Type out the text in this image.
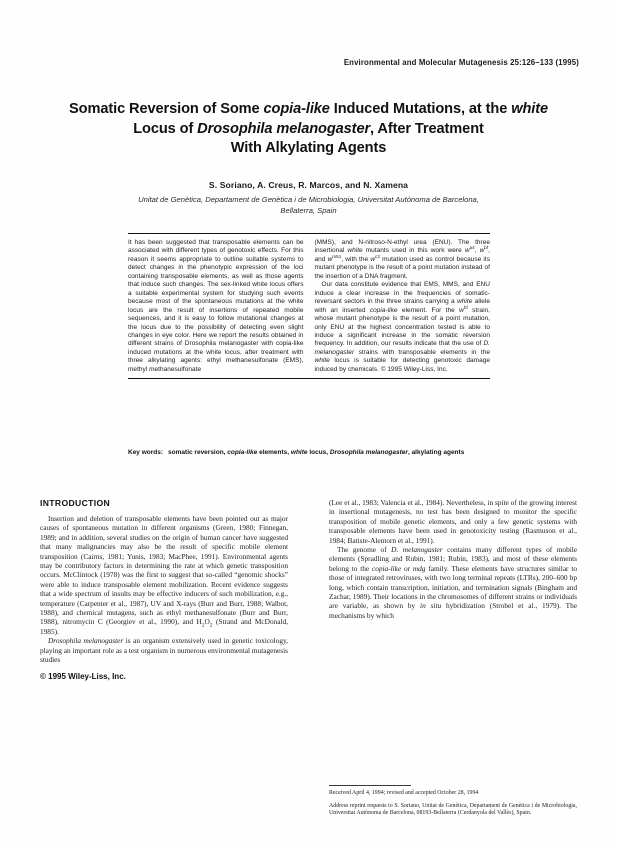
Environmental and Molecular Mutagenesis 25:126–133 (1995)
Somatic Reversion of Some copia-like Induced Mutations, at the white
Locus of Drosophila melanogaster, After Treatment
With Alkylating Agents
S. Soriano, A. Creus, R. Marcos, and N. Xamena
Unitat de Genètica, Departament de Genètica i de Microbiologia, Universitat Autònoma de Barcelona,
Bellaterra, Spain

It has been suggested that transposable elements can be associated with different types of genotoxic effects. For this reason it seems appropriate to outline suitable systems to detect changes in the phenotypic expression of the loci containing transposable elements, as well as those agents that induce such changes. The sex-linked white locus offers a suitable experimental system for studying such events because most of the spontaneous mutations at the white locus are the result of insertions of repeated mobile sequences, and it is easy to follow mutational changes at the locus due to the possibility of detecting even slight changes in eye color. Here we report the results obtained in different strains of Drosophila melanogaster with copia-like induced mutations at the white locus, after treatment with three alkylating agents: ethyl methanesulfonate (EMS), methyl methanesulfonate

(MMS), and N-nitroso-N-ethyl urea (ENU). The three insertional white mutants used in this work were $w^{a4}$, $w^{bf}$, and $w^{m51}$, with the $w^{c2}$ mutation used as control because its mutant phenotype is the result of a point mutation instead of the insertion of a DNA fragment.

Our data constitute evidence that EMS, MMS, and ENU induce a clear increase in the frequencies of somatic-reversant sectors in the three strains carrying a white allele with an inserted copia-like element. For the $w^{bf}$ strain, whose mutant phenotype is the result of a point mutation, only ENU at the highest concentration tested is able to induce a significant increase in the somatic reversion frequency. In addition, our results indicate that the use of D. melanogaster strains with transposable elements in the white locus is suitable for detecting genotoxic damage induced by chemicals. © 1995 Wiley-Liss, Inc.

Key words: somatic reversion, copia-like elements, white locus, Drosophila melanogaster, alkylating agents
INTRODUCTION

Insertion and deletion of transposable elements have been pointed out as major causes of spontaneous mutation in different organisms (Green, 1980; Finnegan, 1989; and in addition, several studies on the origin of human cancer have suggested that many malignancies may also be the result of specific mobile element transposition (Cairns, 1981; Yunis, 1983; MacPhee, 1991). Environmental agents may be contributory factors in determining the rate at which genetic transposition occurs. McClintock (1978) was the first to suggest that so-called “genomic shocks” were able to induce transposable element mobilization. Recent evidence suggests that a wide spectrum of insults may be effective inducers of such mobilization, e.g., temperature (Carpenter et al., 1987), UV and X-rays (Burr and Burr, 1988; Walbot, 1988), and chemical mutagens, such as ethyl methanesulfonate (Burr and Burr, 1988), nitromycin C (Georgiev et al., 1990), and $H_2O_2$ (Strand and McDonald, 1985).

Drosophila melanogaster is an organism extensively used in genetic toxicology, playing an important role as a test organism in numerous environmental mutagenesis studies

© 1995 Wiley-Liss, Inc.

(Lee et al., 1983; Valencia et al., 1984). Nevertheless, in spite of the growing interest in insertional mutagenesis, no test has been designed to monitor the specific transposition of mobile genetic elements, and only a few genetic systems with transposable elements have been used in genotoxicity testing (Rasmuson et al., 1984; Batiste-Alentorn et al., 1991).

The genome of D. melanogaster contains many different types of mobile elements (Spradling and Rubin, 1981; Rubin, 1983), and most of these elements belong to the copia-like or mdg family. These elements have structures similar to those of integrated retroviruses, with two long terminal repeats (LTRs), 200–600 bp long, which contain transcription, initiation, and termination signals (Bingham and Zachar, 1989). Their locations in the chromosomes of different strains or individuals are variable, as shown by in situ hybridization (Strobel et al., 1979). The mechanisms by which

Received April 4, 1994; revised and accepted October 28, 1994

Address reprint requests to S. Soriano, Unitat de Genètica, Departament de Genètica i de Microbiologia, Universitat Autònoma de Barcelona, 08193-Bellaterra (Cerdanyola del Vallès), Spain.
